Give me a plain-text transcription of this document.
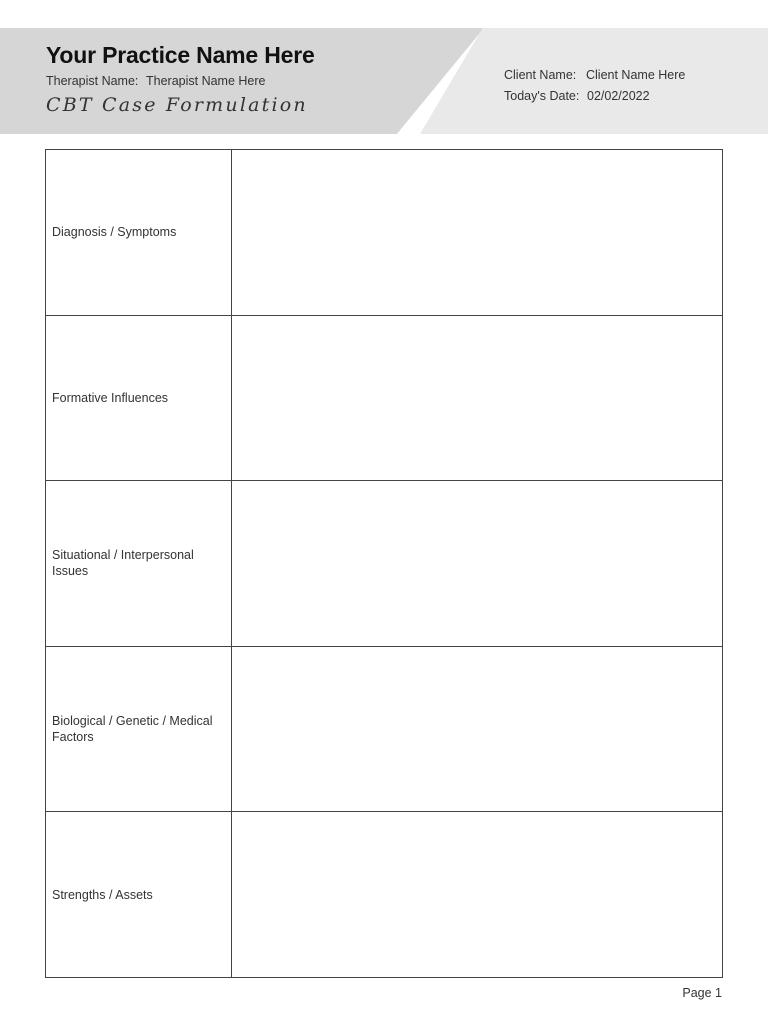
Your Practice Name Here
Therapist Name: Therapist Name Here
CBT Case Formulation
Client Name: Client Name Here
Today's Date: 02/02/2022
Diagnosis / Symptoms
Formative Influences
Situational / Interpersonal Issues
Biological / Genetic / Medical Factors
Strengths / Assets
Page 1
